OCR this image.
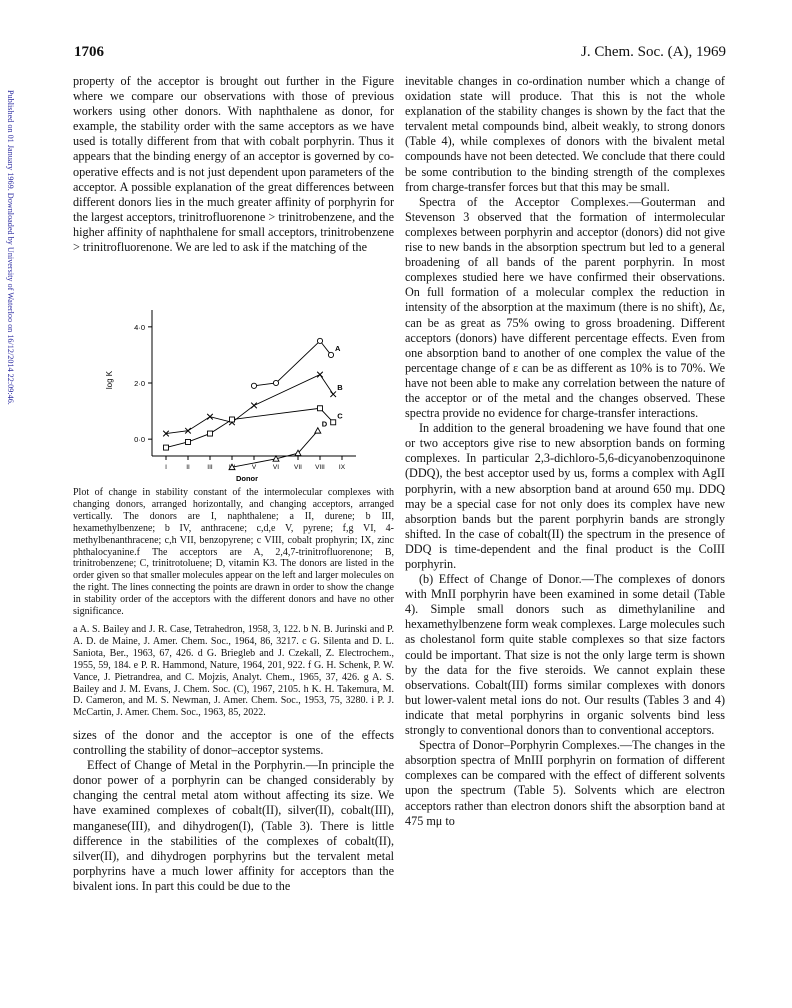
Published on 01 January 1969. Downloaded by University of Waterloo on 16/12/2014 22:09:46.
1706	J. Chem. Soc. (A), 1969

property of the acceptor is brought out further in the Figure where we compare our observations with those of previous workers using other donors. With naphthalene as donor, for example, the stability order with the same acceptors as we have used is totally different from that with cobalt porphyrin. Thus it appears that the binding energy of an acceptor is governed by co-operative effects and is not just dependent upon parameters of the acceptor. A possible explanation of the great differences between different donors lies in the much greater affinity of porphyrin for the largest acceptors, trinitrofluorenone > trinitrobenzene, and the higher affinity of naphthalene for small acceptors, trinitrobenzene > trinitrofluorenone. We are led to ask if the matching of the

0·0
2·0
4·0
I	II	III	V	VI VII VIII IX
A
B
C
D
log K
Donor

Plot of change in stability constant of the intermolecular complexes with changing donors, arranged horizontally, and changing acceptors, arranged vertically. The donors are I, naphthalene; a II, durene; b III, hexamethylbenzene; b IV, anthracene; c,d,e V, pyrene; f,g VI, 4-methylbenanthracene; c,h VII, benzopyrene; c VIII, cobalt prophyrin; IX, zinc phthalocyanine.f The acceptors are A, 2,4,7-trinitrofluorenone; B, trinitrobenzene; C, trinitrotoluene; D, vitamin K3. The donors are listed in the order given so that smaller molecules appear on the left and larger molecules on the right. The lines connecting the points are drawn in order to show the change in stability order of the acceptors with the different donors and have no other significance.

a A. S. Bailey and J. R. Case, Tetrahedron, 1958, 3, 122. b N. B. Jurinski and P. A. D. de Maine, J. Amer. Chem. Soc., 1964, 86, 3217. c G. Silenta and D. L. Saniota, Ber., 1963, 67, 426. d G. Briegleb and J. Czekall, Z. Electrochem., 1955, 59, 184. e P. R. Hammond, Nature, 1964, 201, 922. f G. H. Schenk, P. W. Vance, J. Pietrandrea, and C. Mojzis, Analyt. Chem., 1965, 37, 426. g A. S. Bailey and J. M. Evans, J. Chem. Soc. (C), 1967, 2105. h K. H. Takemura, M. D. Cameron, and M. S. Newman, J. Amer. Chem. Soc., 1953, 75, 3280. i P. J. McCartin, J. Amer. Chem. Soc., 1963, 85, 2022.

sizes of the donor and the acceptor is one of the effects controlling the stability of donor–acceptor systems.

Effect of Change of Metal in the Porphyrin.—In principle the donor power of a porphyrin can be changed considerably by changing the central metal atom without affecting its size. We have examined complexes of cobalt(II), silver(II), cobalt(III), manganese(III), and dihydrogen(I), (Table 3). There is little difference in the stabilities of the complexes of cobalt(II), silver(II), and dihydrogen porphyrins but the tervalent metal porphyrins have a much lower affinity for acceptors than the bivalent ions. In part this could be due to the

inevitable changes in co-ordination number which a change of oxidation state will produce. That this is not the whole explanation of the stability changes is shown by the fact that the tervalent metal compounds bind, albeit weakly, to strong donors (Table 4), while complexes of donors with the bivalent metal compounds have not been detected. We conclude that there could be some contribution to the binding strength of the complexes from charge-transfer forces but that this may be small.

Spectra of the Acceptor Complexes.—Gouterman and Stevenson 3 observed that the formation of intermolecular complexes between porphyrin and acceptor (donors) did not give rise to new bands in the absorption spectrum but led to a general broadening of all bands of the parent porphyrin. In most complexes studied here we have confirmed their observations. On full formation of a molecular complex the reduction in intensity of the absorption at the maximum (there is no shift), Δε, can be as great as 75% owing to gross broadening. Different acceptors (donors) have different percentage effects. Even from one absorption band to another of one complex the value of the percentage change of ε can be as different as 10% is to 70%. We have not been able to make any correlation between the nature of the acceptor or of the metal and the changes observed. These spectra provide no evidence for charge-transfer interactions.

In addition to the general broadening we have found that one or two acceptors give rise to new absorption bands on forming complexes. In particular 2,3-dichloro-5,6-dicyanobenzoquinone (DDQ), the best acceptor used by us, forms a complex with AgII porphyrin, with a new absorption band at around 650 mμ. DDQ may be a special case for not only does its complex have new absorption bands but the parent porphyrin bands are strongly shifted. In the case of cobalt(II) the spectrum in the presence of DDQ is time-dependent and the final product is the CoIII porphyrin.

(b) Effect of Change of Donor.—The complexes of donors with MnII porphyrin have been examined in some detail (Table 4). Simple small donors such as dimethylaniline and hexamethylbenzene form weak complexes. Large molecules such as cholestanol form quite stable complexes so that size factors could be important. That size is not the only large term is shown by the data for the five steroids. We cannot explain these observations. Cobalt(III) forms similar complexes with donors but lower-valent metal ions do not. Our results (Tables 3 and 4) indicate that metal porphyrins in organic solvents bind less strongly to conventional donors than to conventional acceptors.

Spectra of Donor–Porphyrin Complexes.—The changes in the absorption spectra of MnIII porphyrin on formation of different complexes can be compared with the effect of different solvents upon the spectrum (Table 5). Solvents which are electron acceptors rather than electron donors shift the absorption band at 475 mμ to
